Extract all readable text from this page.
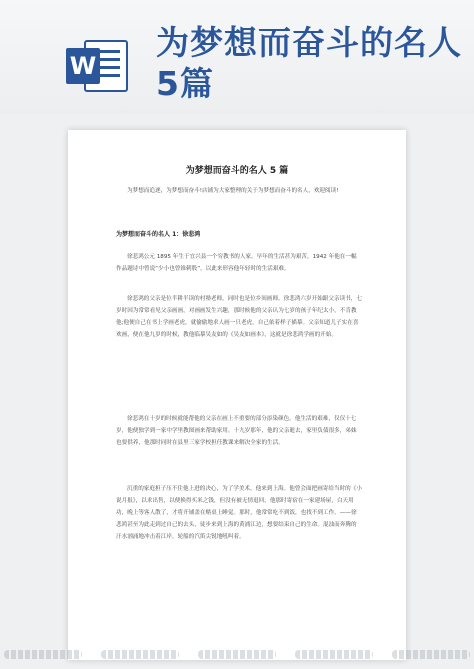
W
为梦想而奋斗的名人5篇
为梦想而奋斗的名人 5 篇
为梦想而追逐，为梦想而奋斗!店铺为大家整理的关于为梦想而奋斗的名人，欢迎阅读!
为梦想而奋斗的名人 1：徐悲鸿
徐悲鸿公元 1895 年生于宜兴县一个穷教书的人家。早年的生活甚为艰苦，1942 年他在一幅作品题诗中曾说“少小也曾锥刺股”，以此来形容他年轻时的生活艰难。
徐悲鸿的父亲是位半耕半读的村塾老师，同时也是位乡间画师。徐悲鸿六岁开始跟父亲读书，七岁时因为常常看见父亲画画，对画画发生兴趣，那时候他的父亲认为七岁的孩子年纪太小，不肯教他;他便自己在书上学画老虎，就偷偷地求人画一只老虎，自己依着样子描摹。父亲知道儿子实在喜欢画，便在他九岁的时候，教他临摹吴友如的《吴友如画本》，这就是徐悲鸿学画的开始。
徐悲鸿在十岁的时候就能帮他的父亲在画上不重要的部分添染颜色。他生活的艰难，仅仅十七岁，他便独学到一家中学里教图画来帮助家用。十九岁那年，他的父亲逝去，家里负债很多，弟妹也要供养，他那时同时在县里三家学校担任教课来解决全家的生活。
沉重的家庭担子压不住他上进的决心，为了学美术，他来到上海。他曾会面把画寄给当时的《小说月报》，以求出售，以便换得买米之钱，但没有被无情退回。他那时寄宿在一家建场屋，白天用功，晚上等客人散了，才将开铺盖在赌桌上睡觉。那时，他常常吃不到饭，也找不到工作，——徐悲鸿甚至为此走到过自己的去头，徒步来到上海的黄浦江边，想要结束自己的生命。混浊而奔腾的汗水汹涌地冲击着江岸，轮船的汽笛尖锐地吼叫着。
